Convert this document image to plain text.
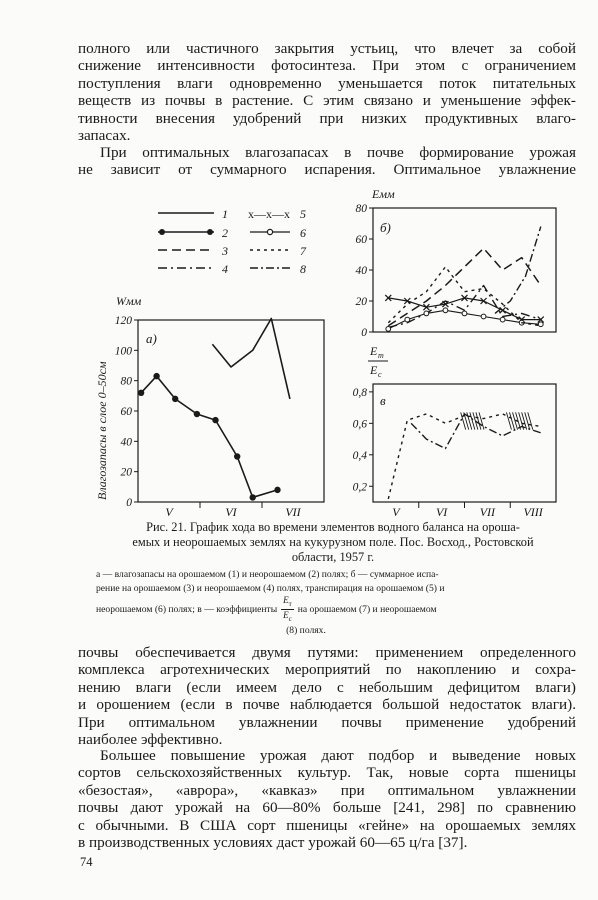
полного или частичного закрытия устьиц, что влечет за собой
снижение интенсивности фотосинтеза. При этом с ограничением
поступления влаги одновременно уменьшается поток питательных
веществ из почвы в растение. С этим связано и уменьшение эффек-
тивности внесения удобрений при низких продуктивных влаго-
запасах.
При оптимальных влагозапасах в почве формирование урожая
не зависит от суммарного испарения. Оптимальное увлажнение
1
2
3
4
x—x—x 5
6
7
8
Wмм
а)
Влагозапасы в слое 0–50см
120
100
80
60
40
20
0
V	VI	VII
Eмм
б)
80
60
40
20
0
E т
E с
в
0,8
0,6
0,4
0,2
V	VI	VII VIII
Рис. 21. График хода во времени элементов водного баланса на ороша-
емых и неорошаемых землях на кукурузном поле. Пос. Восход., Ростовской
области, 1957 г.
а — влагозапасы на орошаемом (1) и неорошаемом (2) полях; б — суммарное испа-
рение на орошаемом (3) и неорошаемом (4) полях, транспирация на орошаемом (5) и
неорошаемом (6) полях; в — коэффициенты
$E_т$
$E_с$
на орошаемом (7) и неорошаемом
(8) полях.
почвы обеспечивается двумя путями: применением определенного
комплекса агротехнических мероприятий по накоплению и сохра-
нению влаги (если имеем дело с небольшим дефицитом влаги)
и орошением (если в почве наблюдается большой недостаток влаги).
При оптимальном увлажнении почвы применение удобрений
наиболее эффективно.
Большее повышение урожая дают подбор и выведение новых
сортов сельскохозяйственных культур. Так, новые сорта пшеницы
«безостая», «аврора», «кавказ» при оптимальном увлажнении
почвы дают урожай на 60—80% больше [241, 298] по сравнению
с обычными. В США сорт пшеницы «гейне» на орошаемых землях
в производственных условиях даст урожай 60—65 ц/га [37].
74
